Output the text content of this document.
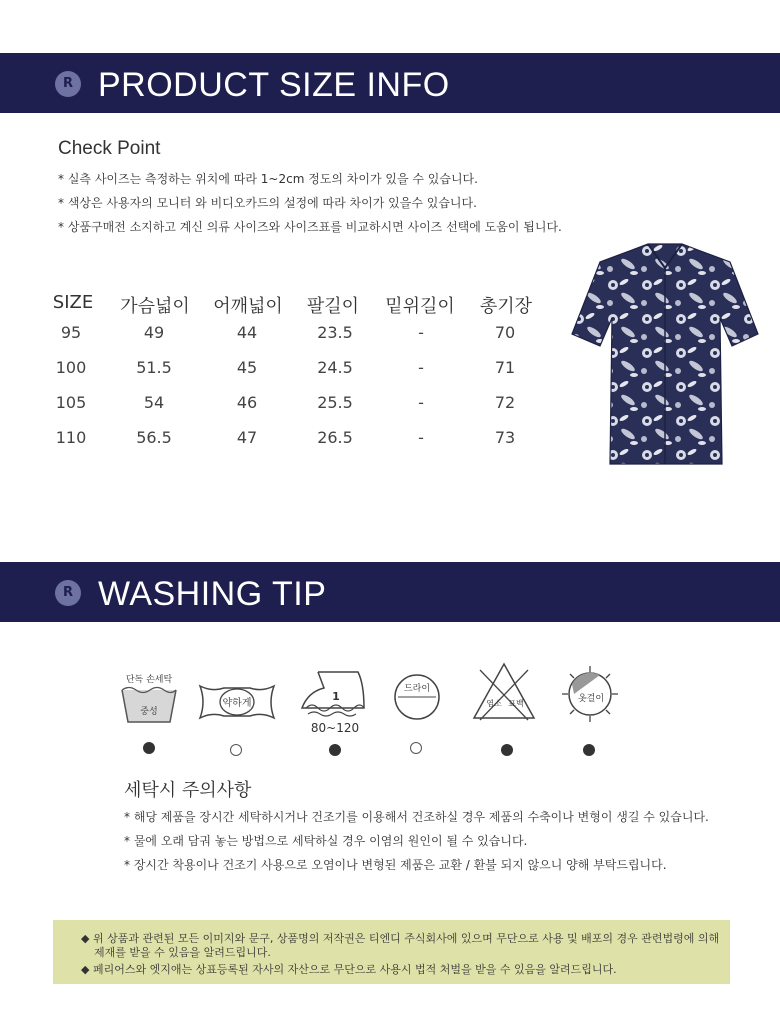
R PRODUCT SIZE INFO
Check Point
* 실측 사이즈는 측정하는 위치에 따라 1~2cm 정도의 차이가 있을 수 있습니다.
* 색상은 사용자의 모니터 와 비디오카드의 설정에 따라 차이가 있을수 있습니다.
* 상품구매전 소지하고 계신 의류 사이즈와 사이즈표를 비교하시면 사이즈 선택에 도움이 됩니다.
SIZE	가슴넓이	어깨넓이	팔길이	밑위길이	총기장
95	49	44	23.5	-	70
100	51.5	45	24.5	-	71
105	54	46	25.5	-	72
110	56.5	47	26.5	-	73
R WASHING TIP
단독 손세탁
중성
약하게
1
80~120
드라이
염소 표백	옷걸이
세탁시 주의사항
* 해당 제품을 장시간 세탁하시거나 건조기를 이용해서 건조하실 경우 제품의 수축이나 변형이 생길 수 있습니다.
* 물에 오래 담궈 놓는 방법으로 세탁하실 경우 이염의 원인이 될 수 있습니다.
* 장시간 착용이나 건조기 사용으로 오염이나 변형된 제품은 교환 / 환불 되지 않으니 양해 부탁드립니다.
◆ 위 상품과 관련된 모든 이미지와 문구, 상품명의 저작권은 티엔디 주식회사에 있으며 무단으로 사용 및 배포의 경우 관련법령에 의해
제재를 받을 수 있음을 알려드립니다.
◆ 페리어스와 엣지애는 상표등록된 자사의 자산으로 무단으로 사용시 법적 처벌을 받을 수 있음을 알려드립니다.
